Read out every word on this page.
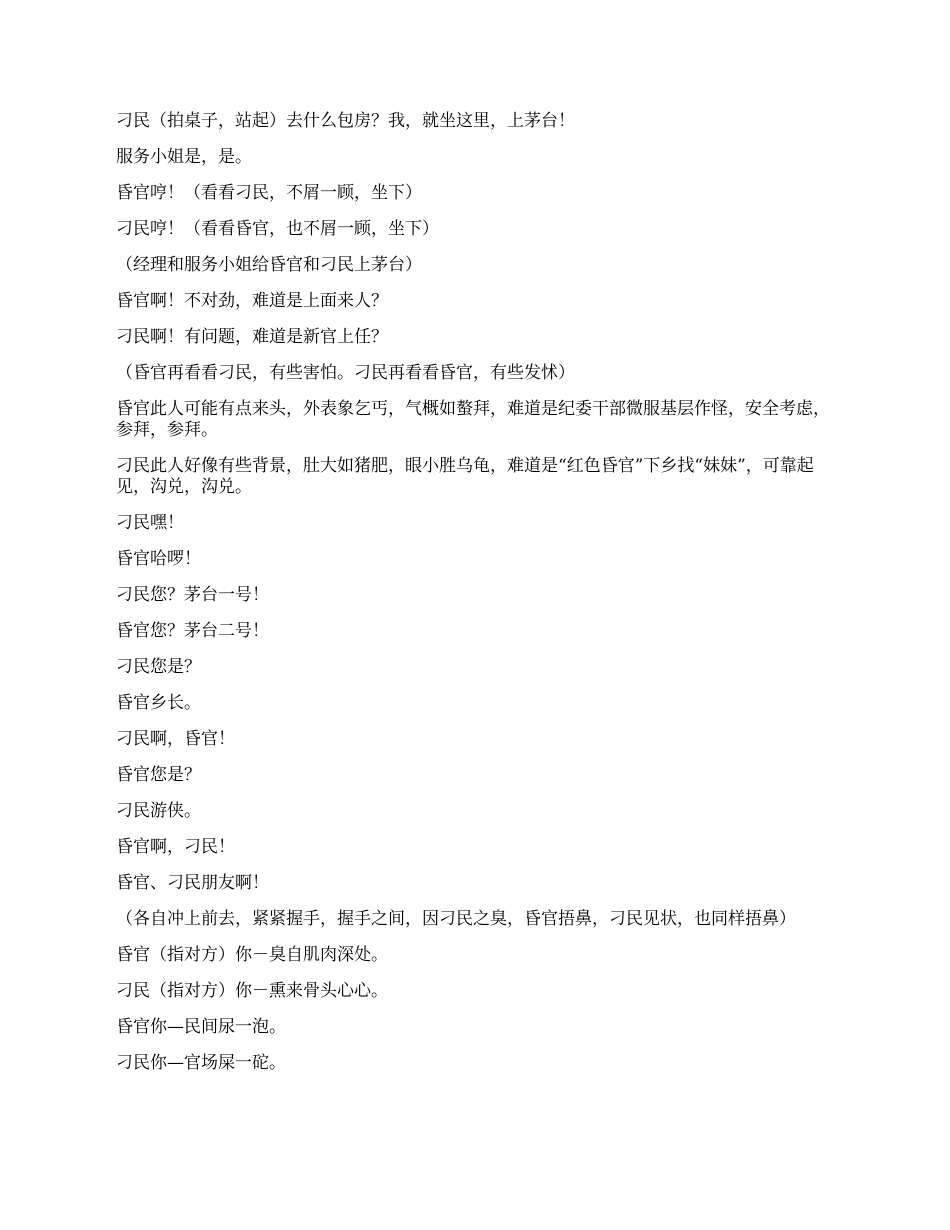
刁民（拍桌子，站起）去什么包房？我，就坐这里，上茅台！

服务小姐是，是。

昏官哼！（看看刁民，不屑一顾，坐下）

刁民哼！（看看昏官，也不屑一顾，坐下）

（经理和服务小姐给昏官和刁民上茅台）

昏官啊！不对劲，难道是上面来人？

刁民啊！有问题，难道是新官上任？

（昏官再看看刁民，有些害怕。刁民再看看昏官，有些发怵）

昏官此人可能有点来头，外表象乞丐，气概如螯拜，难道是纪委干部微服基层作怪，安全考虑，参拜，参拜。

刁民此人好像有些背景，肚大如猪肥，眼小胜乌龟，难道是“红色昏官”下乡找“妹妹”，可靠起见，沟兑，沟兑。

刁民嘿！

昏官哈啰！

刁民您？茅台一号！

昏官您？茅台二号！

刁民您是？

昏官乡长。

刁民啊，昏官！

昏官您是？

刁民游侠。

昏官啊，刁民！

昏官、刁民朋友啊！

（各自冲上前去，紧紧握手，握手之间，因刁民之臭，昏官捂鼻，刁民见状，也同样捂鼻）

昏官（指对方）你－臭自肌肉深处。

刁民（指对方）你－熏来骨头心心。

昏官你—民间尿一泡。

刁民你—官场屎一砣。
